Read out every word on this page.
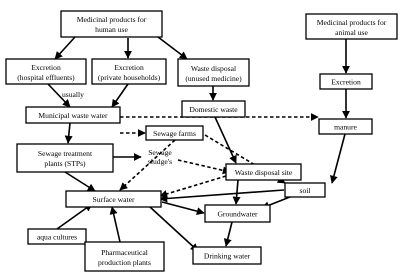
Medicinal products for
human use
Medicinal products for
animal use
Excretion
(hospital effluents)
Excretion
(private households)
Waste disposal
(unused medicine)	Excretion
usually
Municipal waste water
Domestic waste
manure
Sewage farms
Sewage treatment
plants (STPs)
Sewage
sludge's
Waste disposal site
soil
Surface water
Groundwater
aqua cultures
Pharmaceutical
production plants
Drinking water
